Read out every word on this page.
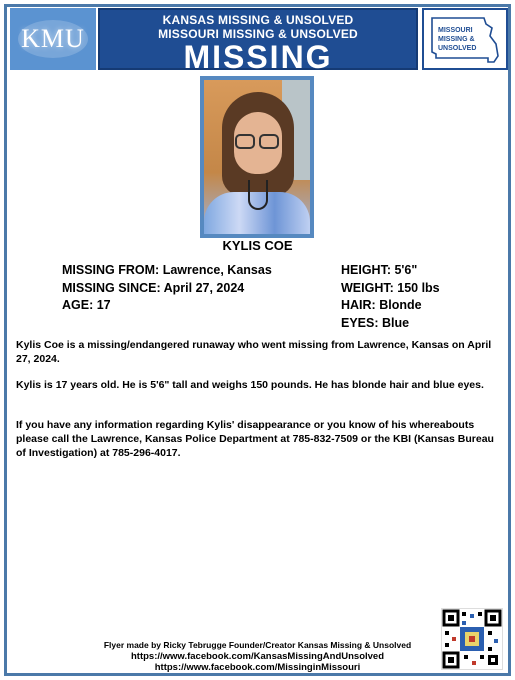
KMU
KANSAS MISSING & UNSOLVED
MISSOURI MISSING & UNSOLVED
MISSING
MISSOURI
MISSING &
UNSOLVED
KYLIS COE
MISSING FROM: Lawrence, Kansas
MISSING SINCE: April 27, 2024
AGE: 17
HEIGHT: 5'6"
WEIGHT: 150 lbs
HAIR: Blonde
EYES: Blue
Kylis Coe is a missing/endangered runaway who went missing from Lawrence, Kansas on April 27, 2024.
Kylis is 17 years old. He is 5'6" tall and weighs 150 pounds. He has blonde hair and blue eyes.
If you have any information regarding Kylis' disappearance or you know of his whereabouts please call the Lawrence, Kansas Police Department at 785-832-7509 or the KBI (Kansas Bureau of Investigation) at 785-296-4017.
Flyer made by Ricky Tebrugge Founder/Creator Kansas Missing & Unsolved
https://www.facebook.com/KansasMissingAndUnsolved
https://www.facebook.com/MissinginMissouri
